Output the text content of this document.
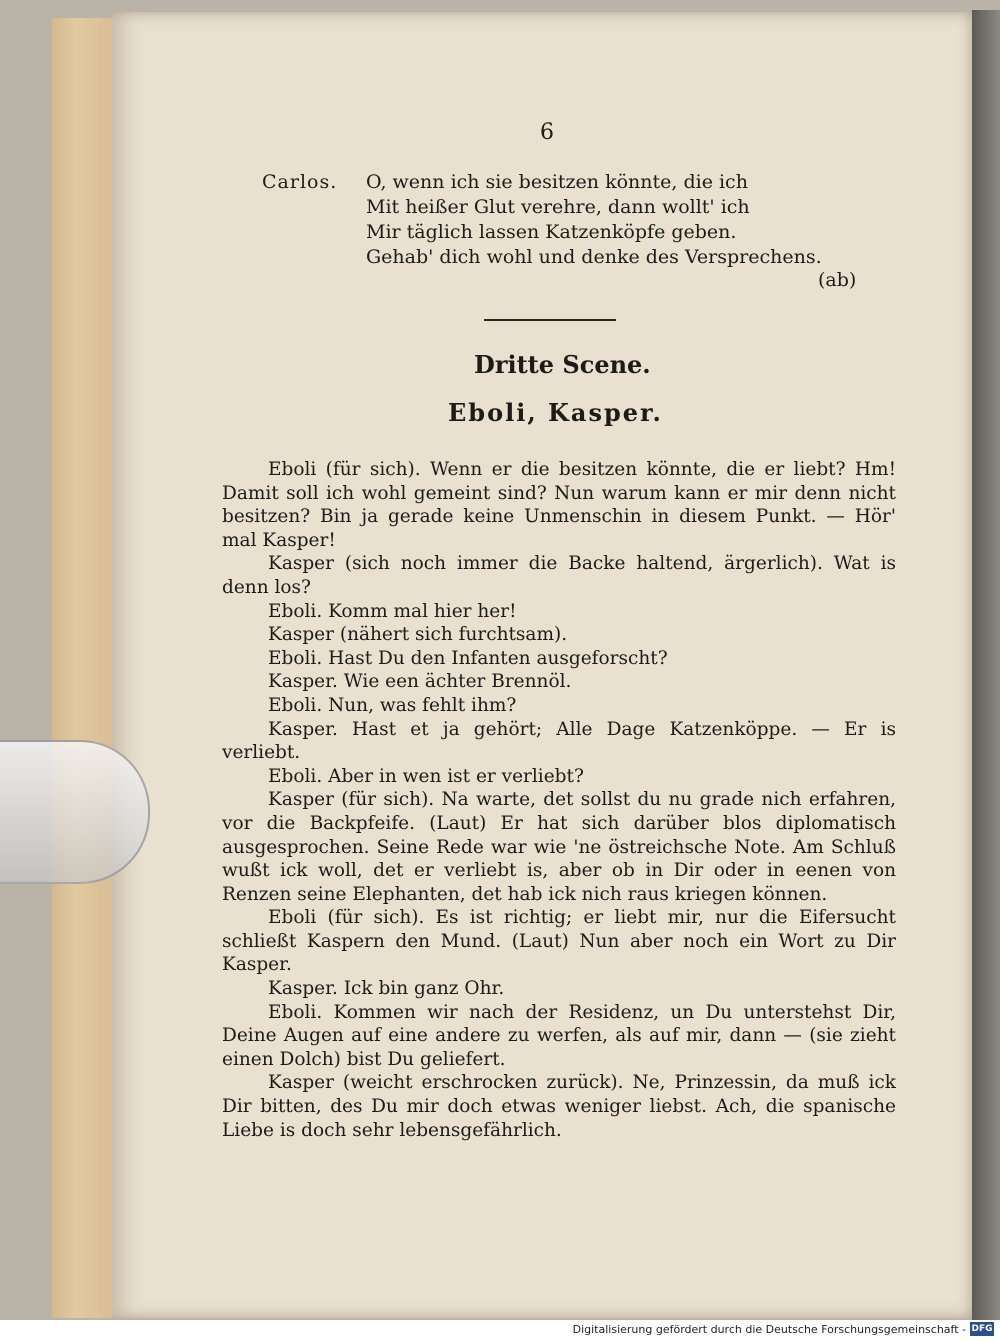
6
Carlos. O, wenn ich sie besitzen könnte, die ich
Mit heißer Glut verehre, dann wollt' ich
Mir täglich lassen Katzenköpfe geben.
Gehab' dich wohl und denke des Versprechens.
(ab)
Dritte Scene.
Eboli, Kasper.

Eboli (für sich). Wenn er die besitzen könnte, die er liebt? Hm! Damit soll ich wohl gemeint sind? Nun warum kann er mir denn nicht besitzen? Bin ja gerade keine Unmenschin in diesem Punkt. — Hör' mal Kasper!

Kasper (sich noch immer die Backe haltend, ärgerlich). Wat is denn los?

Eboli. Komm mal hier her!

Kasper (nähert sich furchtsam).

Eboli. Hast Du den Infanten ausgeforscht?

Kasper. Wie een ächter Brennöl.

Eboli. Nun, was fehlt ihm?

Kasper. Hast et ja gehört; Alle Dage Katzenköppe. — Er is verliebt.

Eboli. Aber in wen ist er verliebt?

Kasper (für sich). Na warte, det sollst du nu grade nich erfahren, vor die Backpfeife. (Laut) Er hat sich darüber blos diplomatisch ausgesprochen. Seine Rede war wie 'ne östreichsche Note. Am Schluß wußt ick woll, det er verliebt is, aber ob in Dir oder in eenen von Renzen seine Elephanten, det hab ick nich raus kriegen können.

Eboli (für sich). Es ist richtig; er liebt mir, nur die Eifersucht schließt Kaspern den Mund. (Laut) Nun aber noch ein Wort zu Dir Kasper.

Kasper. Ick bin ganz Ohr.

Eboli. Kommen wir nach der Residenz, un Du unterstehst Dir, Deine Augen auf eine andere zu werfen, als auf mir, dann — (sie zieht einen Dolch) bist Du geliefert.

Kasper (weicht erschrocken zurück). Ne, Prinzessin, da muß ick Dir bitten, des Du mir doch etwas weniger liebst. Ach, die spanische Liebe is doch sehr lebensgefährlich.

Digitalisierung gefördert durch die Deutsche Forschungsgemeinschaft - DFG
